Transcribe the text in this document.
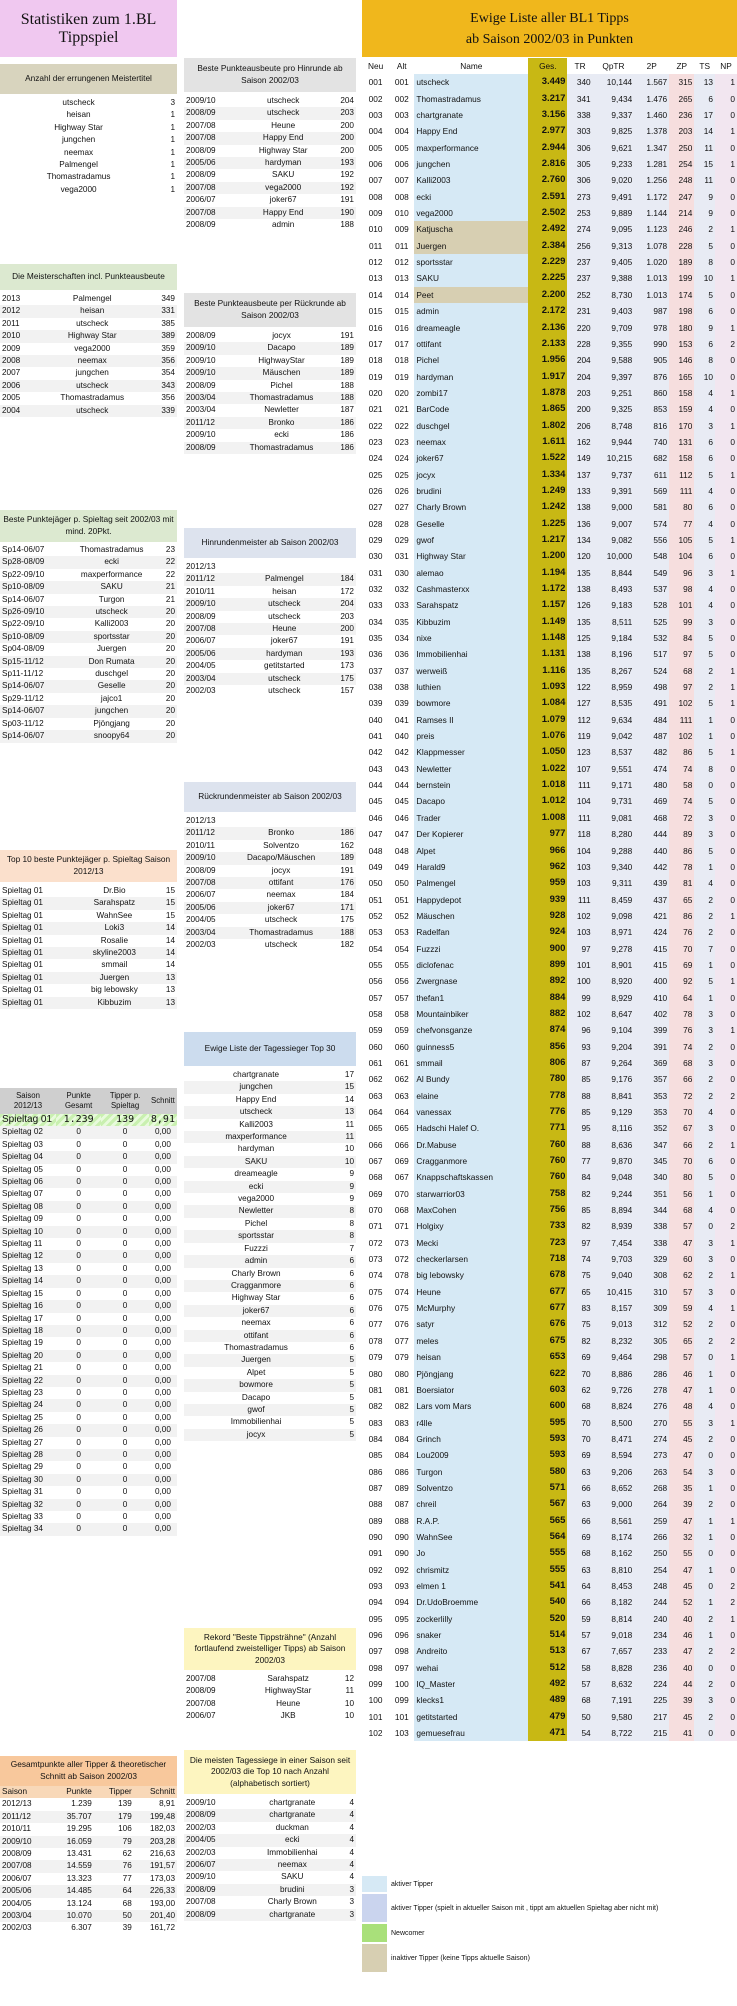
Statistiken zum 1.BL Tippspiel
Ewige Liste aller BL1 Tipps
ab Saison 2002/03 in Punkten
Anzahl der errungenen Meistertitel
utscheck	3
heisan	1
Highway Star	1
jungchen	1
neemax	1
Palmengel	1
Thomastradamus	1
vega2000	1
Die Meisterschaften incl. Punkteausbeute
2013	Palmengel	349
2012	heisan	331
2011	utscheck	385
2010	Highway Star	389
2009	vega2000	359
2008	neemax	356
2007	jungchen	354
2006	utscheck	343
2005	Thomastradamus	356
2004	utscheck	339
Beste Punktejäger p. Spieltag seit 2002/03 mit mind. 20Pkt.
Sp14-06/07	Thomastradamus	23
Sp28-08/09	ecki	22
Sp22-09/10	maxperformance	22
Sp10-08/09	SAKU	21
Sp14-06/07	Turgon	21
Sp26-09/10	utscheck	20
Sp22-09/10	Kalli2003	20
Sp10-08/09	sportsstar	20
Sp04-08/09	Juergen	20
Sp15-11/12	Don Rumata	20
Sp11-11/12	duschgel	20
Sp14-06/07	Geselle	20
Sp29-11/12	jajco1	20
Sp14-06/07	jungchen	20
Sp03-11/12	Pjöngjang	20
Sp14-06/07	snoopy64	20
Top 10 beste Punktejäger p. Spieltag Saison 2012/13
Spieltag 01	Dr.Bio	15
Spieltag 01	Sarahspatz	15
Spieltag 01	WahnSee	15
Spieltag 01	Loki3	14
Spieltag 01	Rosalie	14
Spieltag 01	skyline2003	14
Spieltag 01	smmail	14
Spieltag 01	Juergen	13
Spieltag 01	big lebowsky	13
Spieltag 01	Kibbuzim	13
Saison 2012/13	Punkte Gesamt	Tipper p. Spieltag	Schnitt
Spieltag 01	1.239	139	8,91
Spieltag 02	0	0	0,00
Spieltag 03	0	0	0,00
Spieltag 04	0	0	0,00
Spieltag 05	0	0	0,00
Spieltag 06	0	0	0,00
Spieltag 07	0	0	0,00
Spieltag 08	0	0	0,00
Spieltag 09	0	0	0,00
Spieltag 10	0	0	0,00
Spieltag 11	0	0	0,00
Spieltag 12	0	0	0,00
Spieltag 13	0	0	0,00
Spieltag 14	0	0	0,00
Spieltag 15	0	0	0,00
Spieltag 16	0	0	0,00
Spieltag 17	0	0	0,00
Spieltag 18	0	0	0,00
Spieltag 19	0	0	0,00
Spieltag 20	0	0	0,00
Spieltag 21	0	0	0,00
Spieltag 22	0	0	0,00
Spieltag 23	0	0	0,00
Spieltag 24	0	0	0,00
Spieltag 25	0	0	0,00
Spieltag 26	0	0	0,00
Spieltag 27	0	0	0,00
Spieltag 28	0	0	0,00
Spieltag 29	0	0	0,00
Spieltag 30	0	0	0,00
Spieltag 31	0	0	0,00
Spieltag 32	0	0	0,00
Spieltag 33	0	0	0,00
Spieltag 34	0	0	0,00
Gesamtpunkte aller Tipper & theoretischer Schnitt ab Saison 2002/03
Saison	Punkte	Tipper	Schnitt
2012/13	1.239	139	8,91
2011/12	35.707	179	199,48
2010/11	19.295	106	182,03
2009/10	16.059	79	203,28
2008/09	13.431	62	216,63
2007/08	14.559	76	191,57
2006/07	13.323	77	173,03
2005/06	14.485	64	226,33
2004/05	13.124	68	193,00
2003/04	10.070	50	201,40
2002/03	6.307	39	161,72
Beste Punkteausbeute pro Hinrunde ab Saison 2002/03
2009/10	utscheck	204
2008/09	utscheck	203
2007/08	Heune	200
2007/08	Happy End	200
2008/09	Highway Star	200
2005/06	hardyman	193
2008/09	SAKU	192
2007/08	vega2000	192
2006/07	joker67	191
2007/08	Happy End	190
2008/09	admin	188
Beste Punkteausbeute per Rückrunde ab Saison 2002/03
2008/09	jocyx	191
2009/10	Dacapo	189
2009/10	HighwayStar	189
2009/10	Mäuschen	189
2008/09	Pichel	188
2003/04	Thomastradamus	188
2003/04	Newletter	187
2011/12	Bronko	186
2009/10	ecki	186
2008/09	Thomastradamus	186
Hinrundenmeister ab Saison 2002/03
2012/13		
2011/12	Palmengel	184
2010/11	heisan	172
2009/10	utscheck	204
2008/09	utscheck	203
2007/08	Heune	200
2006/07	joker67	191
2005/06	hardyman	193
2004/05	getitstarted	173
2003/04	utscheck	175
2002/03	utscheck	157
Rückrundenmeister ab Saison 2002/03
2012/13		
2011/12	Bronko	186
2010/11	Solventzo	162
2009/10	Dacapo/Mäuschen	189
2008/09	jocyx	191
2007/08	ottifant	176
2006/07	neemax	184
2005/06	joker67	171
2004/05	utscheck	175
2003/04	Thomastradamus	188
2002/03	utscheck	182
Ewige Liste der Tagessieger Top 30
chartgranate	17
jungchen	15
Happy End	14
utscheck	13
Kalli2003	11
maxperformance	11
hardyman	10
SAKU	10
dreameagle	9
ecki	9
vega2000	9
Newletter	8
Pichel	8
sportsstar	8
Fuzzzi	7
admin	6
Charly Brown	6
Cragganmore	6
Highway Star	6
joker67	6
neemax	6
ottifant	6
Thomastradamus	6
Juergen	5
Alpet	5
bowmore	5
Dacapo	5
gwof	5
Immobilienhai	5
jocyx	5
Rekord "Beste Tippsträhne" (Anzahl fortlaufend zweistelliger Tipps) ab Saison 2002/03
2007/08	Sarahspatz	12
2008/09	HighwayStar	11
2007/08	Heune	10
2006/07	JKB	10
Die meisten Tagessiege in einer Saison seit 2002/03 die Top 10 nach Anzahl (alphabetisch sortiert)
2009/10	chartgranate	4
2008/09	chartgranate	4
2002/03	duckman	4
2004/05	ecki	4
2002/03	Immobilienhai	4
2006/07	neemax	4
2009/10	SAKU	4
2008/09	brudini	3
2007/08	Charly Brown	3
2008/09	chartgranate	3
Neu	Alt	Name	Ges.	TR	QpTR	2P	ZP	TS	NP
001	001	utscheck	3.449	340	10,144	1.567	315	13	1
002	002	Thomastradamus	3.217	341	9,434	1.476	265	6	0
003	003	chartgranate	3.156	338	9,337	1.460	236	17	0
004	004	Happy End	2.977	303	9,825	1.378	203	14	1
005	005	maxperformance	2.944	306	9,621	1.347	250	11	0
006	006	jungchen	2.816	305	9,233	1.281	254	15	1
007	007	Kalli2003	2.760	306	9,020	1.256	248	11	0
008	008	ecki	2.591	273	9,491	1.172	247	9	0
009	010	vega2000	2.502	253	9,889	1.144	214	9	0
010	009	Katjuscha	2.492	274	9,095	1.123	246	2	1
011	011	Juergen	2.384	256	9,313	1.078	228	5	0
012	012	sportsstar	2.229	237	9,405	1.020	189	8	0
013	013	SAKU	2.225	237	9,388	1.013	199	10	1
014	014	Peet	2.200	252	8,730	1.013	174	5	0
015	015	admin	2.172	231	9,403	987	198	6	0
016	016	dreameagle	2.136	220	9,709	978	180	9	1
017	017	ottifant	2.133	228	9,355	990	153	6	2
018	018	Pichel	1.956	204	9,588	905	146	8	0
019	019	hardyman	1.917	204	9,397	876	165	10	0
020	020	zombi17	1.878	203	9,251	860	158	4	1
021	021	BarCode	1.865	200	9,325	853	159	4	0
022	022	duschgel	1.802	206	8,748	816	170	3	1
023	023	neemax	1.611	162	9,944	740	131	6	0
024	024	joker67	1.522	149	10,215	682	158	6	0
025	025	jocyx	1.334	137	9,737	611	112	5	1
026	026	brudini	1.249	133	9,391	569	111	4	0
027	027	Charly Brown	1.242	138	9,000	581	80	6	0
028	028	Geselle	1.225	136	9,007	574	77	4	0
029	029	gwof	1.217	134	9,082	556	105	5	1
030	031	Highway Star	1.200	120	10,000	548	104	6	0
031	030	alemao	1.194	135	8,844	549	96	3	1
032	032	Cashmasterxx	1.172	138	8,493	537	98	4	0
033	033	Sarahspatz	1.157	126	9,183	528	101	4	0
034	035	Kibbuzim	1.149	135	8,511	525	99	3	0
035	034	nixe	1.148	125	9,184	532	84	5	0
036	036	Immobilienhai	1.131	138	8,196	517	97	5	0
037	037	werweiß	1.116	135	8,267	524	68	2	1
038	038	luthien	1.093	122	8,959	498	97	2	1
039	039	bowmore	1.084	127	8,535	491	102	5	1
040	041	Ramses II	1.079	112	9,634	484	111	1	0
041	040	preis	1.076	119	9,042	487	102	1	0
042	042	Klappmesser	1.050	123	8,537	482	86	5	1
043	043	Newletter	1.022	107	9,551	474	74	8	0
044	044	bernstein	1.018	111	9,171	480	58	0	0
045	045	Dacapo	1.012	104	9,731	469	74	5	0
046	046	Trader	1.008	111	9,081	468	72	3	0
047	047	Der Kopierer	977	118	8,280	444	89	3	0
048	048	Alpet	966	104	9,288	440	86	5	0
049	049	Harald9	962	103	9,340	442	78	1	0
050	050	Palmengel	959	103	9,311	439	81	4	0
051	051	Happydepot	939	111	8,459	437	65	2	0
052	052	Mäuschen	928	102	9,098	421	86	2	1
053	053	Radelfan	924	103	8,971	424	76	2	0
054	054	Fuzzzi	900	97	9,278	415	70	7	0
055	055	diclofenac	899	101	8,901	415	69	1	0
056	056	Zwergnase	892	100	8,920	400	92	5	1
057	057	thefan1	884	99	8,929	410	64	1	0
058	058	Mountainbiker	882	102	8,647	402	78	3	0
059	059	chefvonsganze	874	96	9,104	399	76	3	1
060	060	guinness5	856	93	9,204	391	74	2	0
061	061	smmail	806	87	9,264	369	68	3	0
062	062	Al Bundy	780	85	9,176	357	66	2	0
063	063	elaine	778	88	8,841	353	72	2	2
064	064	vanessax	776	85	9,129	353	70	4	0
065	065	Hadschi Halef O.	771	95	8,116	352	67	3	0
066	066	Dr.Mabuse	760	88	8,636	347	66	2	1
067	069	Cragganmore	760	77	9,870	345	70	6	0
068	067	Knappschaftskassen	760	84	9,048	340	80	5	0
069	070	starwarrior03	758	82	9,244	351	56	1	0
070	068	MaxCohen	756	85	8,894	344	68	4	0
071	071	Holgixy	733	82	8,939	338	57	0	2
072	073	Mecki	723	97	7,454	338	47	3	1
073	072	checkerlarsen	718	74	9,703	329	60	3	0
074	078	big lebowsky	678	75	9,040	308	62	2	1
075	074	Heune	677	65	10,415	310	57	3	0
076	075	McMurphy	677	83	8,157	309	59	4	1
077	076	satyr	676	75	9,013	312	52	2	0
078	077	meles	675	82	8,232	305	65	2	2
079	079	heisan	653	69	9,464	298	57	0	1
080	080	Pjöngjang	622	70	8,886	286	46	1	0
081	081	Boersiator	603	62	9,726	278	47	1	0
082	082	Lars vom Mars	600	68	8,824	276	48	4	0
083	083	r4lle	595	70	8,500	270	55	3	1
084	084	Grinch	593	70	8,471	274	45	2	0
085	084	Lou2009	593	69	8,594	273	47	0	0
086	086	Turgon	580	63	9,206	263	54	3	0
087	089	Solventzo	571	66	8,652	268	35	1	0
088	087	chreil	567	63	9,000	264	39	2	0
089	088	R.A.P.	565	66	8,561	259	47	1	1
090	090	WahnSee	564	69	8,174	266	32	1	0
091	090	Jo	555	68	8,162	250	55	0	0
092	092	chrismitz	555	63	8,810	254	47	1	0
093	093	elmen 1	541	64	8,453	248	45	0	2
094	094	Dr.UdoBroemme	540	66	8,182	244	52	1	2
095	095	zockerlilly	520	59	8,814	240	40	2	1
096	096	snaker	514	57	9,018	234	46	1	0
097	098	Andreito	513	67	7,657	233	47	2	2
098	097	wehai	512	58	8,828	236	40	0	0
099	100	IQ_Master	492	57	8,632	224	44	2	0
100	099	klecks1	489	68	7,191	225	39	3	0
101	101	getitstarted	479	50	9,580	217	45	2	0
102	103	gemuesefrau	471	54	8,722	215	41	0	0
aktiver Tipper
aktiver Tipper (spielt in aktueller Saison mit , tippt am aktuellen Spieltag aber nicht mit)
Newcomer
inaktiver Tipper (keine Tipps aktuelle Saison)
